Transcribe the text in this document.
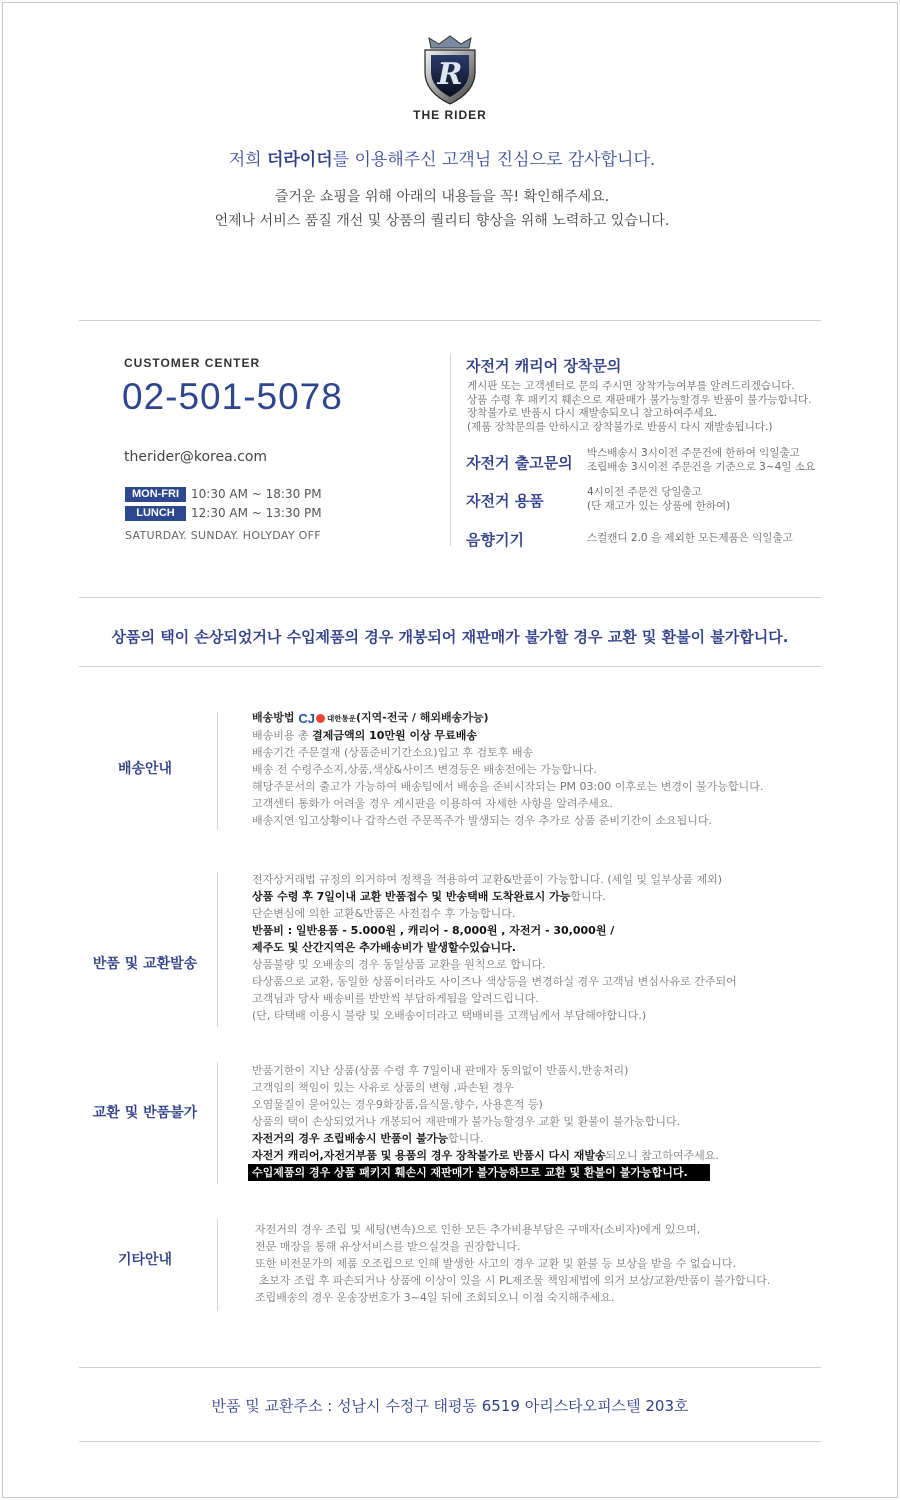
R
THE RIDER
저희 더라이더를 이용해주신 고객님 진심으로 감사합니다.
즐거운 쇼핑을 위해 아래의 내용들을 꼭! 확인해주세요.
언제나 서비스 품질 개선 및 상품의 퀄리티 향상을 위해 노력하고 있습니다.
CUSTOMER CENTER
02-501-5078
therider@korea.com
MON-FRI 10:30 AM ~ 18:30 PM
LUNCH	12:30 AM ~ 13:30 PM
SATURDAY. SUNDAY. HOLYDAY OFF
자전거 캐리어 장착문의

게시판 또는 고객센터로 문의 주시면 장착가능여부를 알려드리겠습니다.

상품 수령 후 패키지 훼손으로 재판매가 불가능할경우 반품이 불가능합니다.

장착불가로 반품시 다시 재발송되오니 참고하여주세요.

(제품 장착문의를 안하시고 장착불가로 반품시 다시 재발송됩니다.)

자전거 출고문의

박스배송시 3시이전 주문건에 한하여 익일출고

조립배송 3시이전 주문건을 기준으로 3~4일 소요

자전거 용품	4시이전 주문건 당일출고

(단 재고가 있는 상품에 한하여)

음향기기	스컬캔디 2.0 을 제외한 모든제품은 익일출고

상품의 택이 손상되었거나 수입제품의 경우 개봉되어 재판매가 불가할 경우 교환 및 환불이 불가합니다.
배송안내

배송방법 CJ 대한통운 (지역-전국 / 해외배송가능)

배송비용 총 결제금액의 10만원 이상 무료배송

배송기간 주문결재 (상품준비기간소요)입고 후 검토후 배송

배송 전 수령주소지,상품,색상&사이즈 변경등은 배송전에는 가능합니다.

해당주문서의 출고가 가능하여 배송팀에서 배송을 준비시작되는 PM 03:00 이후로는 변경이 불가능합니다.

고객센터 통화가 어려울 경우 게시판을 이용하여 자세한 사항을 알려주세요.

배송지연 입고상황이나 갑작스런 주문폭주가 발생되는 경우 추가로 상품 준비기간이 소요됩니다.

반품 및 교환발송

전자상거래법 규정의 의거하여 정책을 적용하여 교환&반품이 가능합니다. (세일 및 일부상품 제외)

상품 수령 후 7일이내 교환 반품접수 및 반송택배 도착완료시 가능합니다.

단순변심에 의한 교환&반품은 사전접수 후 가능합니다.

반품비 : 일반용품 - 5.000원 , 캐리어 - 8,000원 , 자전거 - 30,000원 /

제주도 및 산간지역은 추가배송비가 발생할수있습니다.

상품불량 및 오배송의 경우 동일상품 교환을 원칙으로 합니다.

타상품으로 교환, 동일한 상품이더라도 사이즈나 색상등을 변경하실 경우 고객님 변심사유로 간주되어

고객님과 당사 배송비를 반반씩 부담하게됨을 알려드립니다.

(단, 타택배 이용시 불량 및 오배송이더라고 택배비를 고객님께서 부담해야합니다.)

교환 및 반품불가

반품기한이 지난 상품(상품 수령 후 7일이내 판매자 동의없이 반품시,반송처리)

고객임의 책임이 있는 사유로 상품의 변형 ,파손된 경우

오염물질이 묻어있는 경우9화장품,음식물,향수, 사용흔적 등)

상품의 택이 손상되었거나 개봉되어 재판매가 불가능할경우 교환 및 환불이 불가능합니다.

자전거의 경우 조립배송시 반품이 불가능합니다.

자전거 캐리어,자전거부품 및 용품의 경우 장착불가로 반품시 다시 재발송되오니 참고하여주세요.

수입제품의 경우 상품 패키지 훼손시 재판매가 불가능하므로 교환 및 환불이 불가능합니다.

기타안내

자전거의 경우 조립 및 세팅(변속)으로 인한 모든 추가비용부담은 구매자(소비자)에게 있으며,

전문 매장을 통해 유상서비스를 받으실것을 권장합니다.

또한 비전문가의 제품 오조립으로 인해 발생한 사고의 경우 교환 및 환불 등 보상을 받을 수 없습니다.

초보자 조립 후 파손되거나 상품에 이상이 있을 시 PL제조물 책임제법에 의거 보상/교환/반품이 불가합니다.

조립배송의 경우 운송장번호가 3~4일 뒤에 조회되오니 이점 숙지해주세요.

반품 및 교환주소 : 성남시 수정구 태평동 6519 아리스타오피스텔 203호
